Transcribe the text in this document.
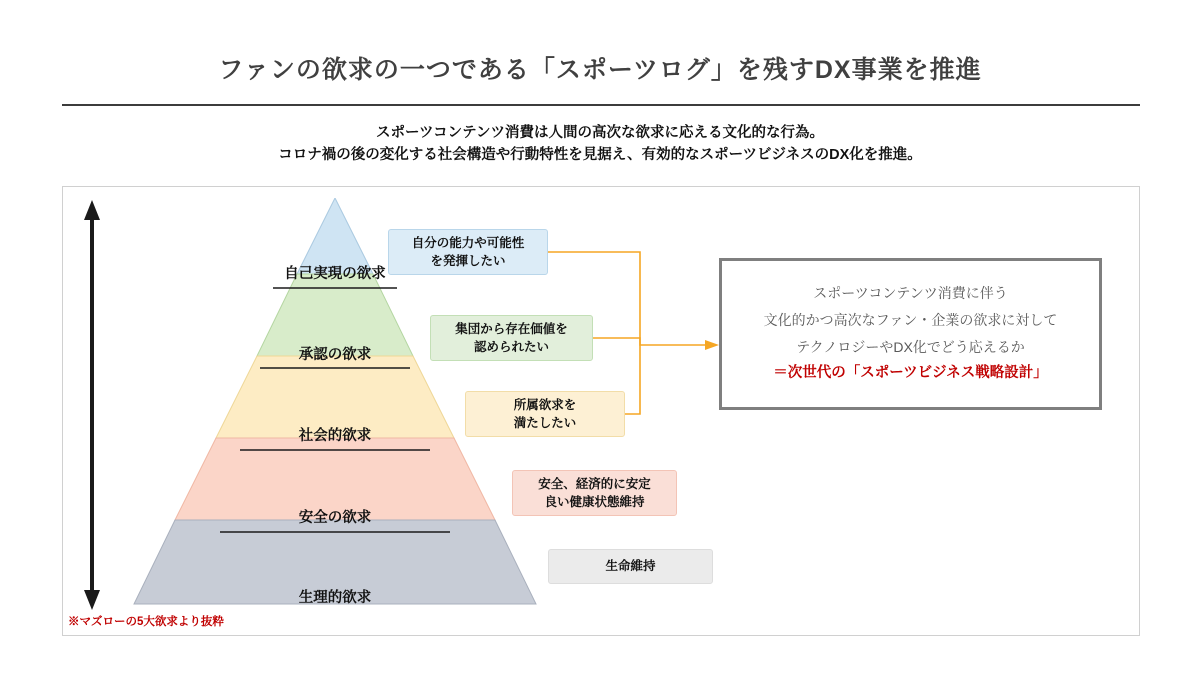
ファンの欲求の一つである「スポーツログ」を残すDX事業を推進
スポーツコンテンツ消費は人間の高次な欲求に応える文化的な行為。
コロナ禍の後の変化する社会構造や行動特性を見据え、有効的なスポーツビジネスのDX化を推進。
自己実現の欲求
承認の欲求
社会的欲求
安全の欲求
生理的欲求
自分の能力や可能性
を発揮したい
集団から存在価値を
認められたい
所属欲求を
満たしたい
安全、経済的に安定
良い健康状態維持
生命維持
スポーツコンテンツ消費に伴う
文化的かつ高次なファン・企業の欲求に対して
テクノロジーやDX化でどう応えるか
＝次世代の「スポーツビジネス戦略設計」
※マズローの5大欲求より抜粋
